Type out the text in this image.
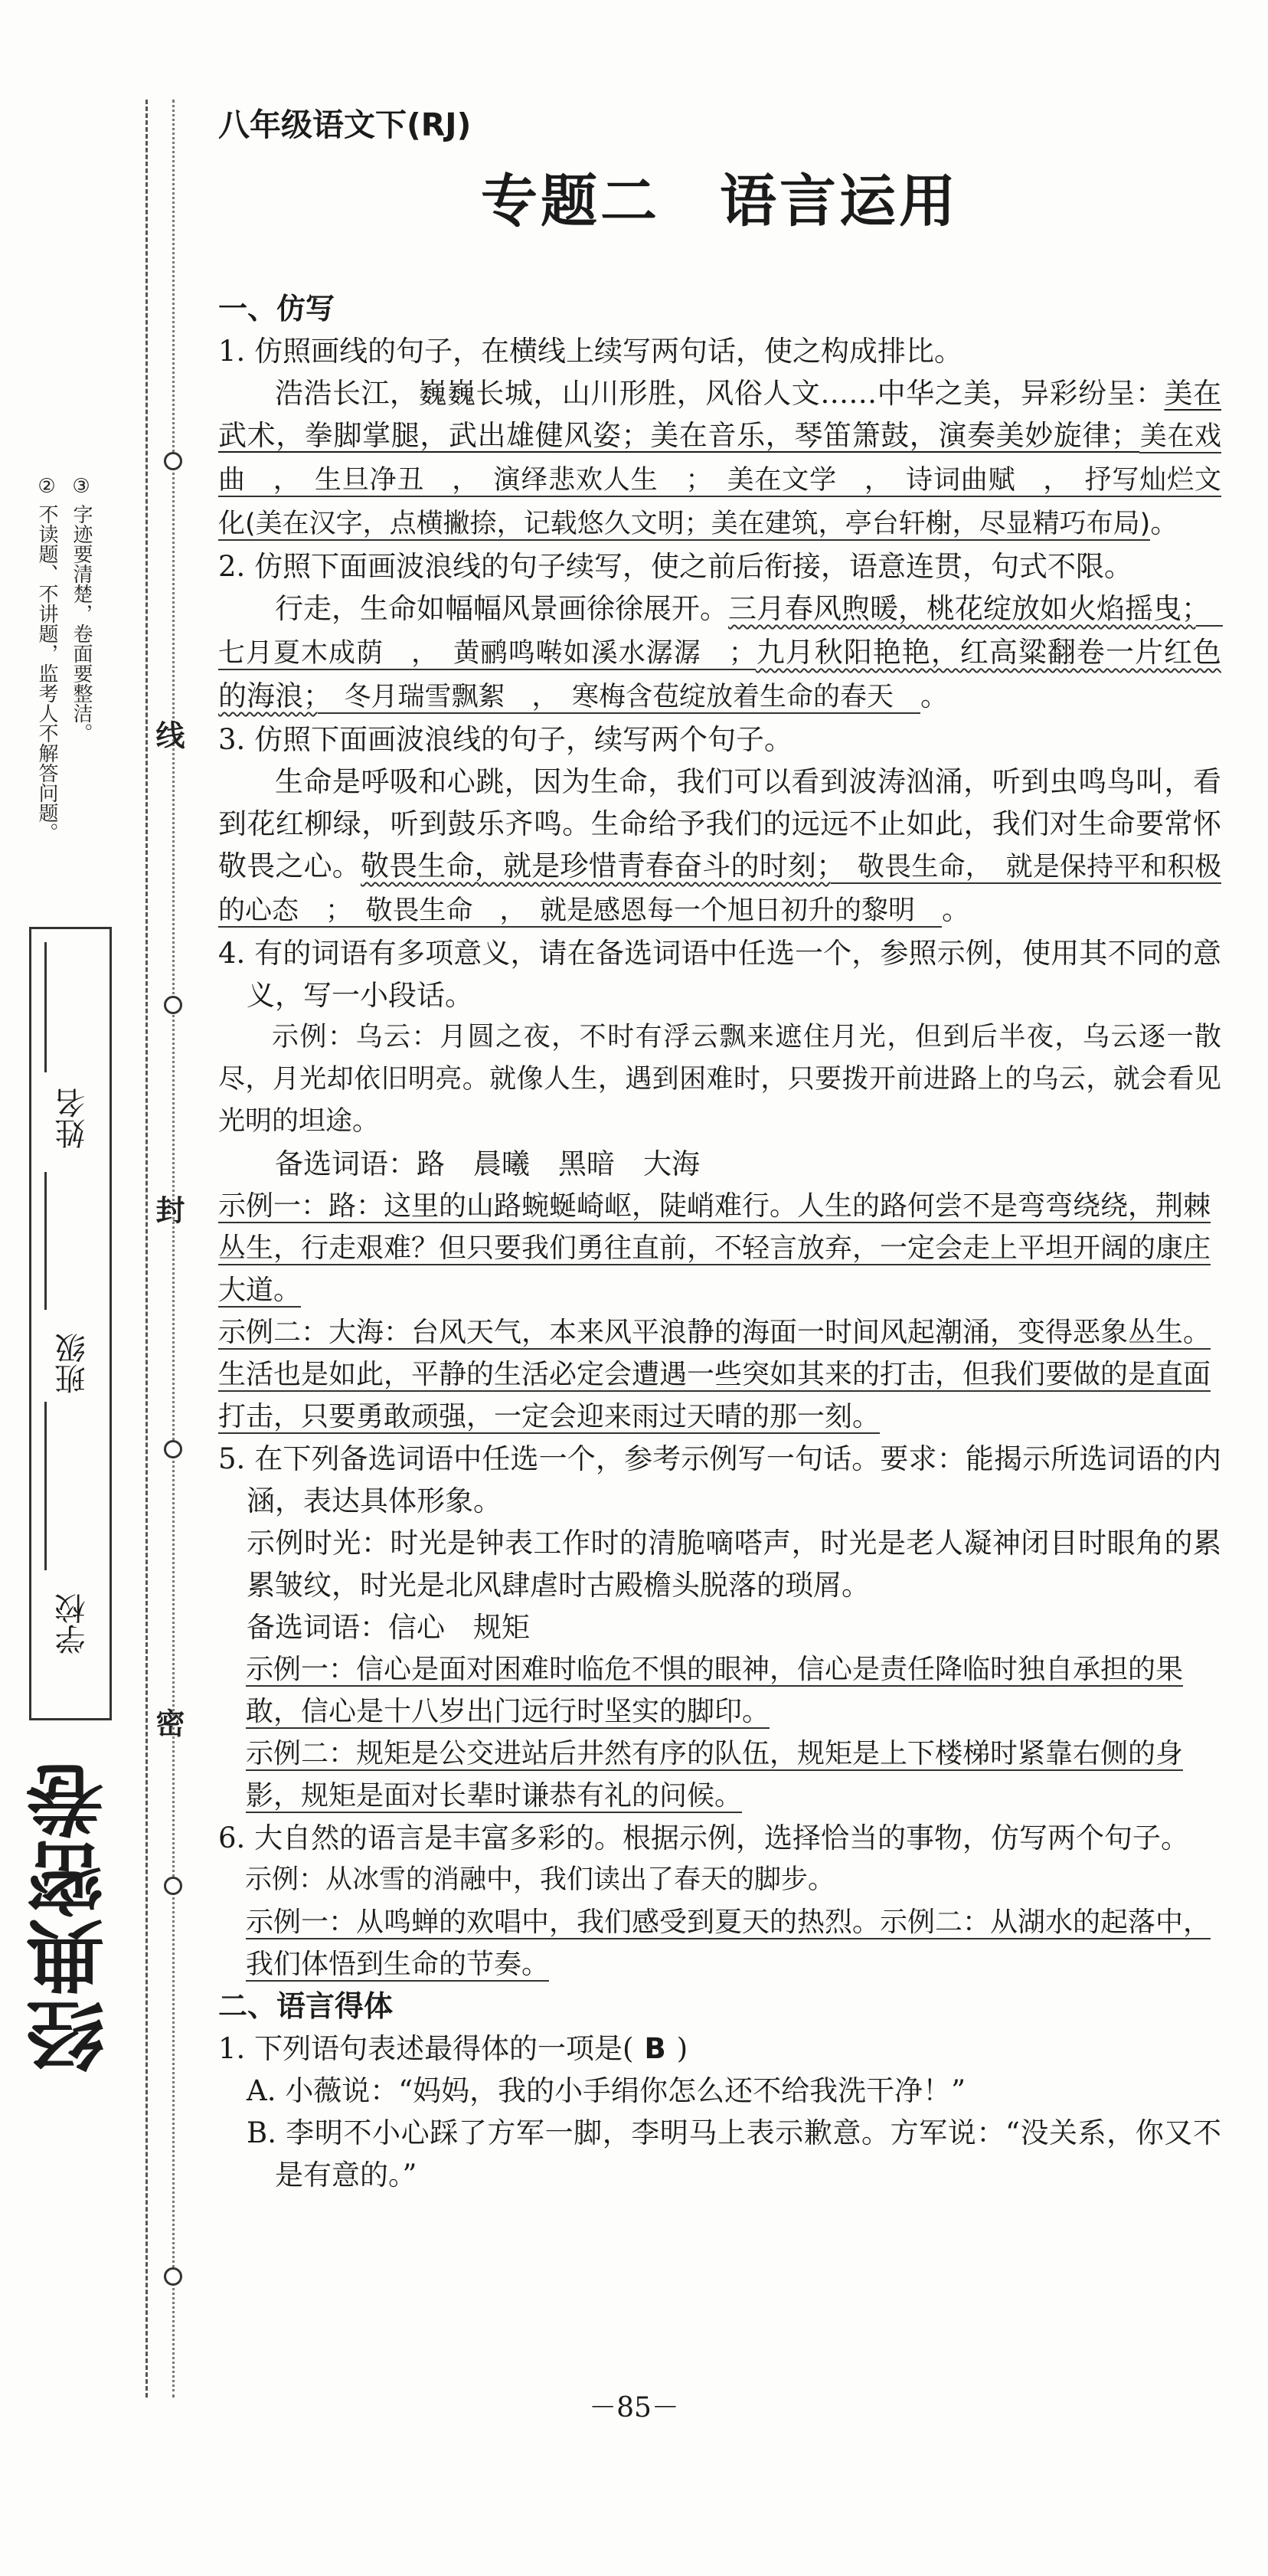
② 不读题、不讲题，监考人不解答问题。 ③ 字迹要清楚，卷面要整洁。 线
封
密
学校
班级
姓名
经典密卷
八年级语文下(RJ)
专题二　语言运用
一、仿写
1. 仿照画线的句子，在横线上续写两句话，使之构成排比。
浩浩长江，巍巍长城，山川形胜，风俗人文……中华之美，异彩纷呈：美在武术，拳脚掌腿，武出雄健风姿；美在音乐，琴笛箫鼓，演奏美妙旋律；美在戏曲　，　生旦净丑　，　演绎悲欢人生　；　美在文学　，　诗词曲赋　，　抒写灿烂文化(美在汉字，点横撇捺，记载悠久文明；美在建筑，亭台轩榭，尽显精巧布局)。
2. 仿照下面画波浪线的句子续写，使之前后衔接，语意连贯，句式不限。
行走，生命如幅幅风景画徐徐展开。三月春风煦暖，桃花绽放如火焰摇曳；　七月夏木成荫　，　黄鹂鸣啭如溪水潺潺　；九月秋阳艳艳，红高粱翻卷一片红色的海浪；　冬月瑞雪飘絮　，　寒梅含苞绽放着生命的春天　。
3. 仿照下面画波浪线的句子，续写两个句子。
生命是呼吸和心跳，因为生命，我们可以看到波涛汹涌，听到虫鸣鸟叫，看到花红柳绿，听到鼓乐齐鸣。生命给予我们的远远不止如此，我们对生命要常怀敬畏之心。敬畏生命，就是珍惜青春奋斗的时刻；　敬畏生命，　就是保持平和积极的心态　；　敬畏生命　，　就是感恩每一个旭日初升的黎明　。
4. 有的词语有多项意义，请在备选词语中任选一个，参照示例，使用其不同的意义，写一小段话。
示例：乌云：月圆之夜，不时有浮云飘来遮住月光，但到后半夜，乌云逐一散尽，月光却依旧明亮。就像人生，遇到困难时，只要拨开前进路上的乌云，就会看见光明的坦途。
备选词语：路　晨曦　黑暗　大海
示例一：路：这里的山路蜿蜒崎岖，陡峭难行。人生的路何尝不是弯弯绕绕，荆棘丛生，行走艰难？但只要我们勇往直前，不轻言放弃，一定会走上平坦开阔的康庄大道。
示例二：大海：台风天气，本来风平浪静的海面一时间风起潮涌，变得恶象丛生。生活也是如此，平静的生活必定会遭遇一些突如其来的打击，但我们要做的是直面打击，只要勇敢顽强，一定会迎来雨过天晴的那一刻。
5. 在下列备选词语中任选一个，参考示例写一句话。要求：能揭示所选词语的内涵，表达具体形象。
示例时光：时光是钟表工作时的清脆嘀嗒声，时光是老人凝神闭目时眼角的累累皱纹，时光是北风肆虐时古殿檐头脱落的琐屑。
备选词语：信心　规矩
示例一：信心是面对困难时临危不惧的眼神，信心是责任降临时独自承担的果敢，信心是十八岁出门远行时坚实的脚印。
示例二：规矩是公交进站后井然有序的队伍，规矩是上下楼梯时紧靠右侧的身影，规矩是面对长辈时谦恭有礼的问候。
6. 大自然的语言是丰富多彩的。根据示例，选择恰当的事物，仿写两个句子。
示例：从冰雪的消融中，我们读出了春天的脚步。
示例一：从鸣蝉的欢唱中，我们感受到夏天的热烈。示例二：从湖水的起落中，我们体悟到生命的节奏。
二、语言得体
1. 下列语句表述最得体的一项是( B )
A. 小薇说：“妈妈，我的小手绢你怎么还不给我洗干净！”
B. 李明不小心踩了方军一脚，李明马上表示歉意。方军说：“没关系，你又不是有意的。”
－85－
